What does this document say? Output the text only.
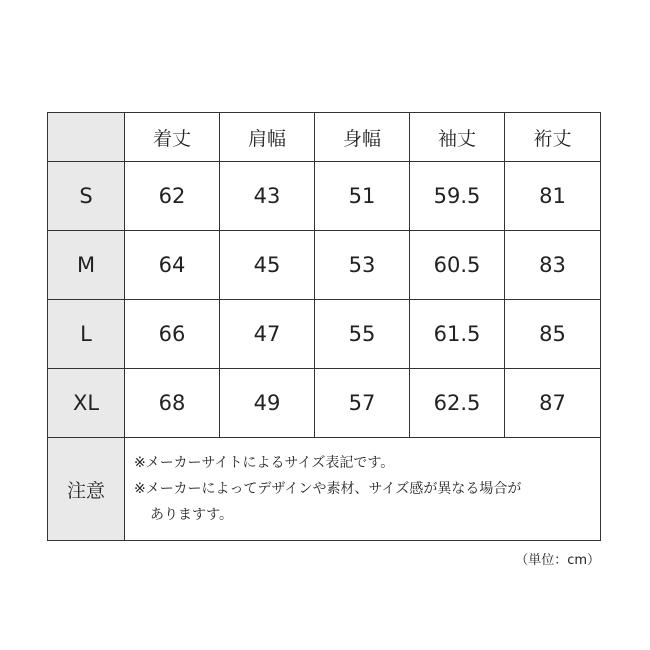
	着丈	肩幅	身幅	袖丈	裄丈
S	62	43	51	59.5	81
M	64	45	53	60.5	83
L	66	47	55	61.5	85
XL	68	49	57	62.5	87
注意	※メーカーサイトによるサイズ表記です。
※メーカーによってデザインや素材、サイズ感が異なる場合が
ありますす。				
（単位：cm）
